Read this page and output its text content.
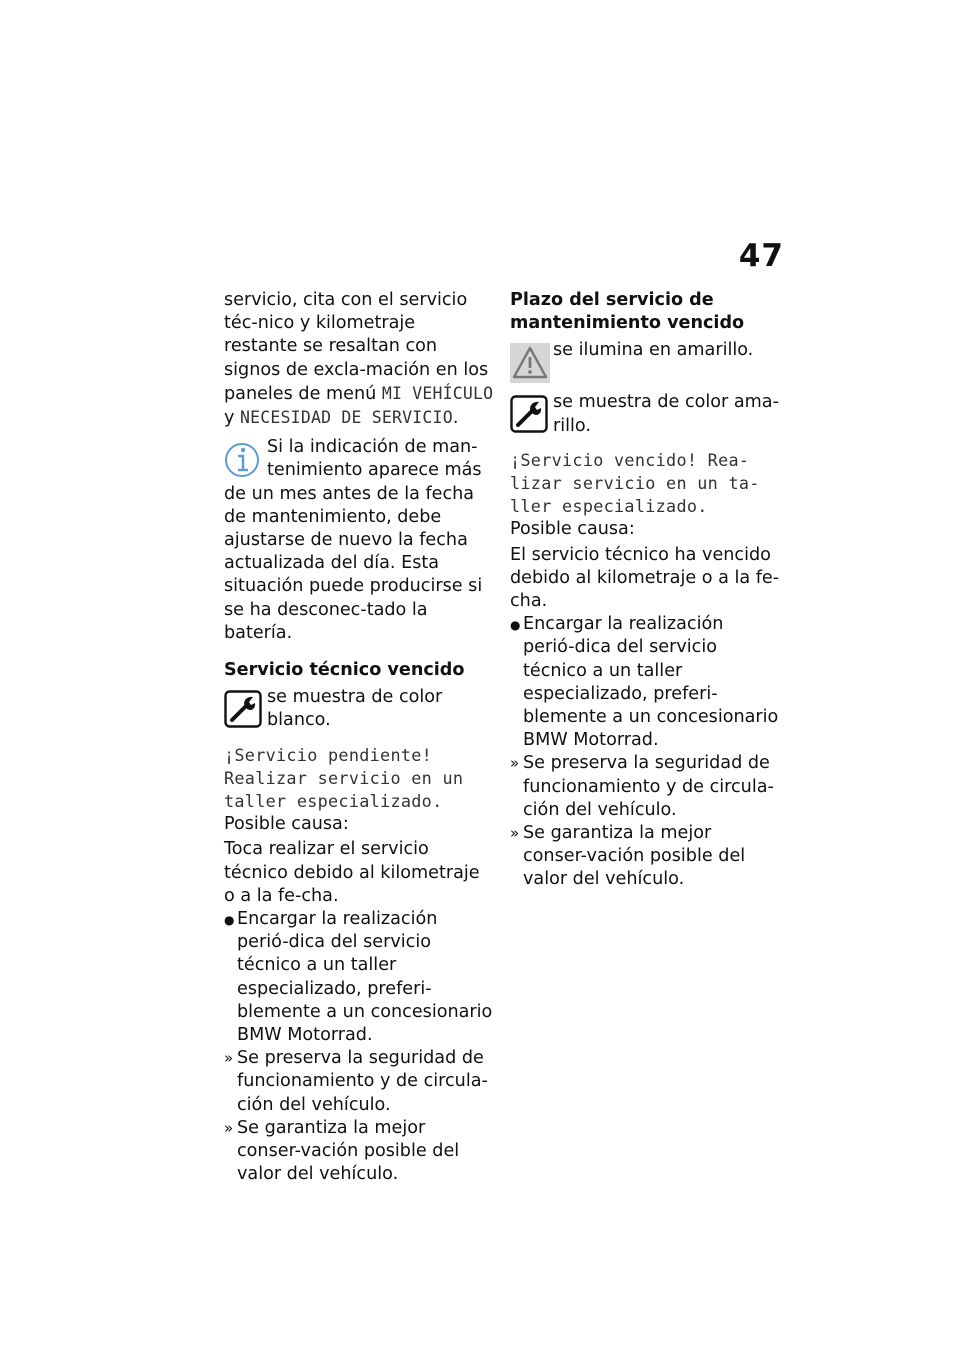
47

servicio, cita con el servicio téc-nico y kilometraje restante se resaltan con signos de excla-mación en los paneles de menú MI VEHÍCULO y NECESIDAD DE SERVICIO.

Si la indicación de man-tenimiento aparece más
de un mes antes de la fecha de mantenimiento, debe ajustarse de nuevo la fecha actualizada del día. Esta situación puede producirse si se ha desconec-tado la batería.

Servicio técnico vencido

se muestra de color blanco.

¡Servicio pendiente! Realizar servicio en un taller especializado.

Posible causa:

Toca realizar el servicio técnico debido al kilometraje o a la fe-cha.

● Encargar la realización perió-dica del servicio técnico a un taller especializado, preferi-blemente a un concesionario BMW Motorrad.
» Se preserva la seguridad de funcionamiento y de circula-ción del vehículo.
» Se garantiza la mejor conser-vación posible del valor del vehículo.

Plazo del servicio de mantenimiento vencido

se ilumina en amarillo.
se muestra de color ama-rillo.

¡Servicio vencido! Rea-lizar servicio en un ta-ller especializado.

Posible causa:

El servicio técnico ha vencido debido al kilometraje o a la fe-cha.

● Encargar la realización perió-dica del servicio técnico a un taller especializado, preferi-blemente a un concesionario BMW Motorrad.
» Se preserva la seguridad de funcionamiento y de circula-ción del vehículo.
» Se garantiza la mejor conser-vación posible del valor del vehículo.
